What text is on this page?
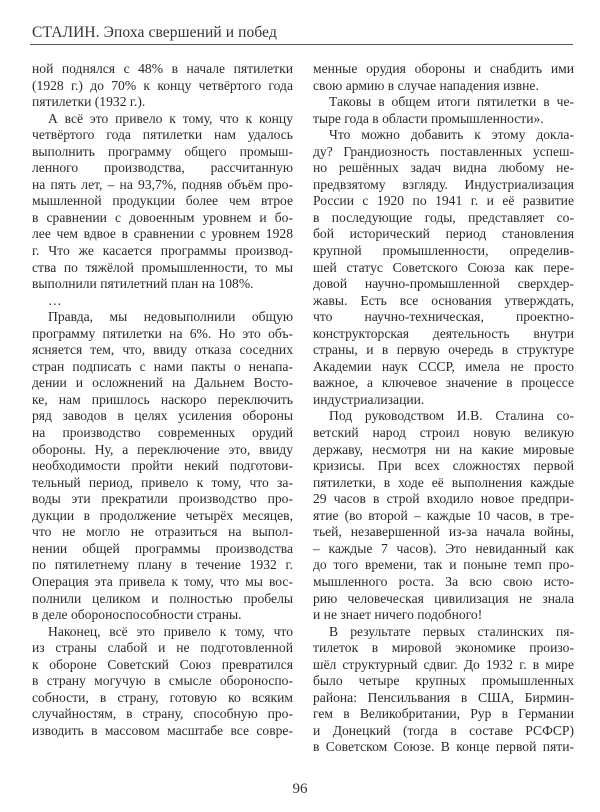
СТАЛИН. Эпоха свершений и побед
ной поднялся с 48% в начале пятилетки
(1928 г.) до 70% к концу четвёртого года
пятилетки (1932 г.).
А всё это привело к тому, что к концу
четвёртого года пятилетки нам удалось
выполнить программу общего промыш-
ленного производства, рассчитанную
на пять лет, – на 93,7%, подняв объём про-
мышленной продукции более чем втрое
в сравнении с довоенным уровнем и бо-
лее чем вдвое в сравнении с уровнем 1928
г. Что же касается программы производ-
ства по тяжёлой промышленности, то мы
выполнили пятилетний план на 108%.
…
Правда, мы недовыполнили общую
программу пятилетки на 6%. Но это объ-
ясняется тем, что, ввиду отказа соседних
стран подписать с нами пакты о ненапа-
дении и осложнений на Дальнем Восто-
ке, нам пришлось наскоро переключить
ряд заводов в целях усиления обороны
на производство современных орудий
обороны. Ну, а переключение это, ввиду
необходимости пройти некий подготови-
тельный период, привело к тому, что за-
воды эти прекратили производство про-
дукции в продолжение четырёх месяцев,
что не могло не отразиться на выпол-
нении общей программы производства
по пятилетнему плану в течение 1932 г.
Операция эта привела к тому, что мы вос-
полнили целиком и полностью пробелы
в деле обороноспособности страны.
Наконец, всё это привело к тому, что
из страны слабой и не подготовленной
к обороне Советский Союз превратился
в страну могучую в смысле обороноспо-
собности, в страну, готовую ко всяким
случайностям, в страну, способную про-
изводить в массовом масштабе все совре-
менные орудия обороны и снабдить ими
свою армию в случае нападения извне.
Таковы в общем итоги пятилетки в че-
тыре года в области промышленности».
Что можно добавить к этому докла-
ду? Грандиозность поставленных успеш-
но решённых задач видна любому не-
предвзятому взгляду. Индустриализация
России с 1920 по 1941 г. и её развитие
в последующие годы, представляет со-
бой исторический период становления
крупной промышленности, определив-
шей статус Советского Союза как пере-
довой научно-промышленной сверхдер-
жавы. Есть все основания утверждать,
что научно-техническая, проектно-
конструкторская деятельность внутри
страны, и в первую очередь в структуре
Академии наук СССР, имела не просто
важное, а ключевое значение в процессе
индустриализации.
Под руководством И.В. Сталина со-
ветский народ строил новую великую
державу, несмотря ни на какие мировые
кризисы. При всех сложностях первой
пятилетки, в ходе её выполнения каждые
29 часов в строй входило новое предпри-
ятие (во второй – каждые 10 часов, в тре-
тьей, незавершенной из-за начала войны,
– каждые 7 часов). Это невиданный как
до того времени, так и поныне темп про-
мышленного роста. За всю свою исто-
рию человеческая цивилизация не знала
и не знает ничего подобного!
В результате первых сталинских пя-
тилеток в мировой экономике произо-
шёл структурный сдвиг. До 1932 г. в мире
было четыре крупных промышленных
района: Пенсильвания в США, Бирмин-
гем в Великобритании, Рур в Германии
и Донецкий (тогда в составе РСФСР)
в Советском Союзе. В конце первой пяти-
96
